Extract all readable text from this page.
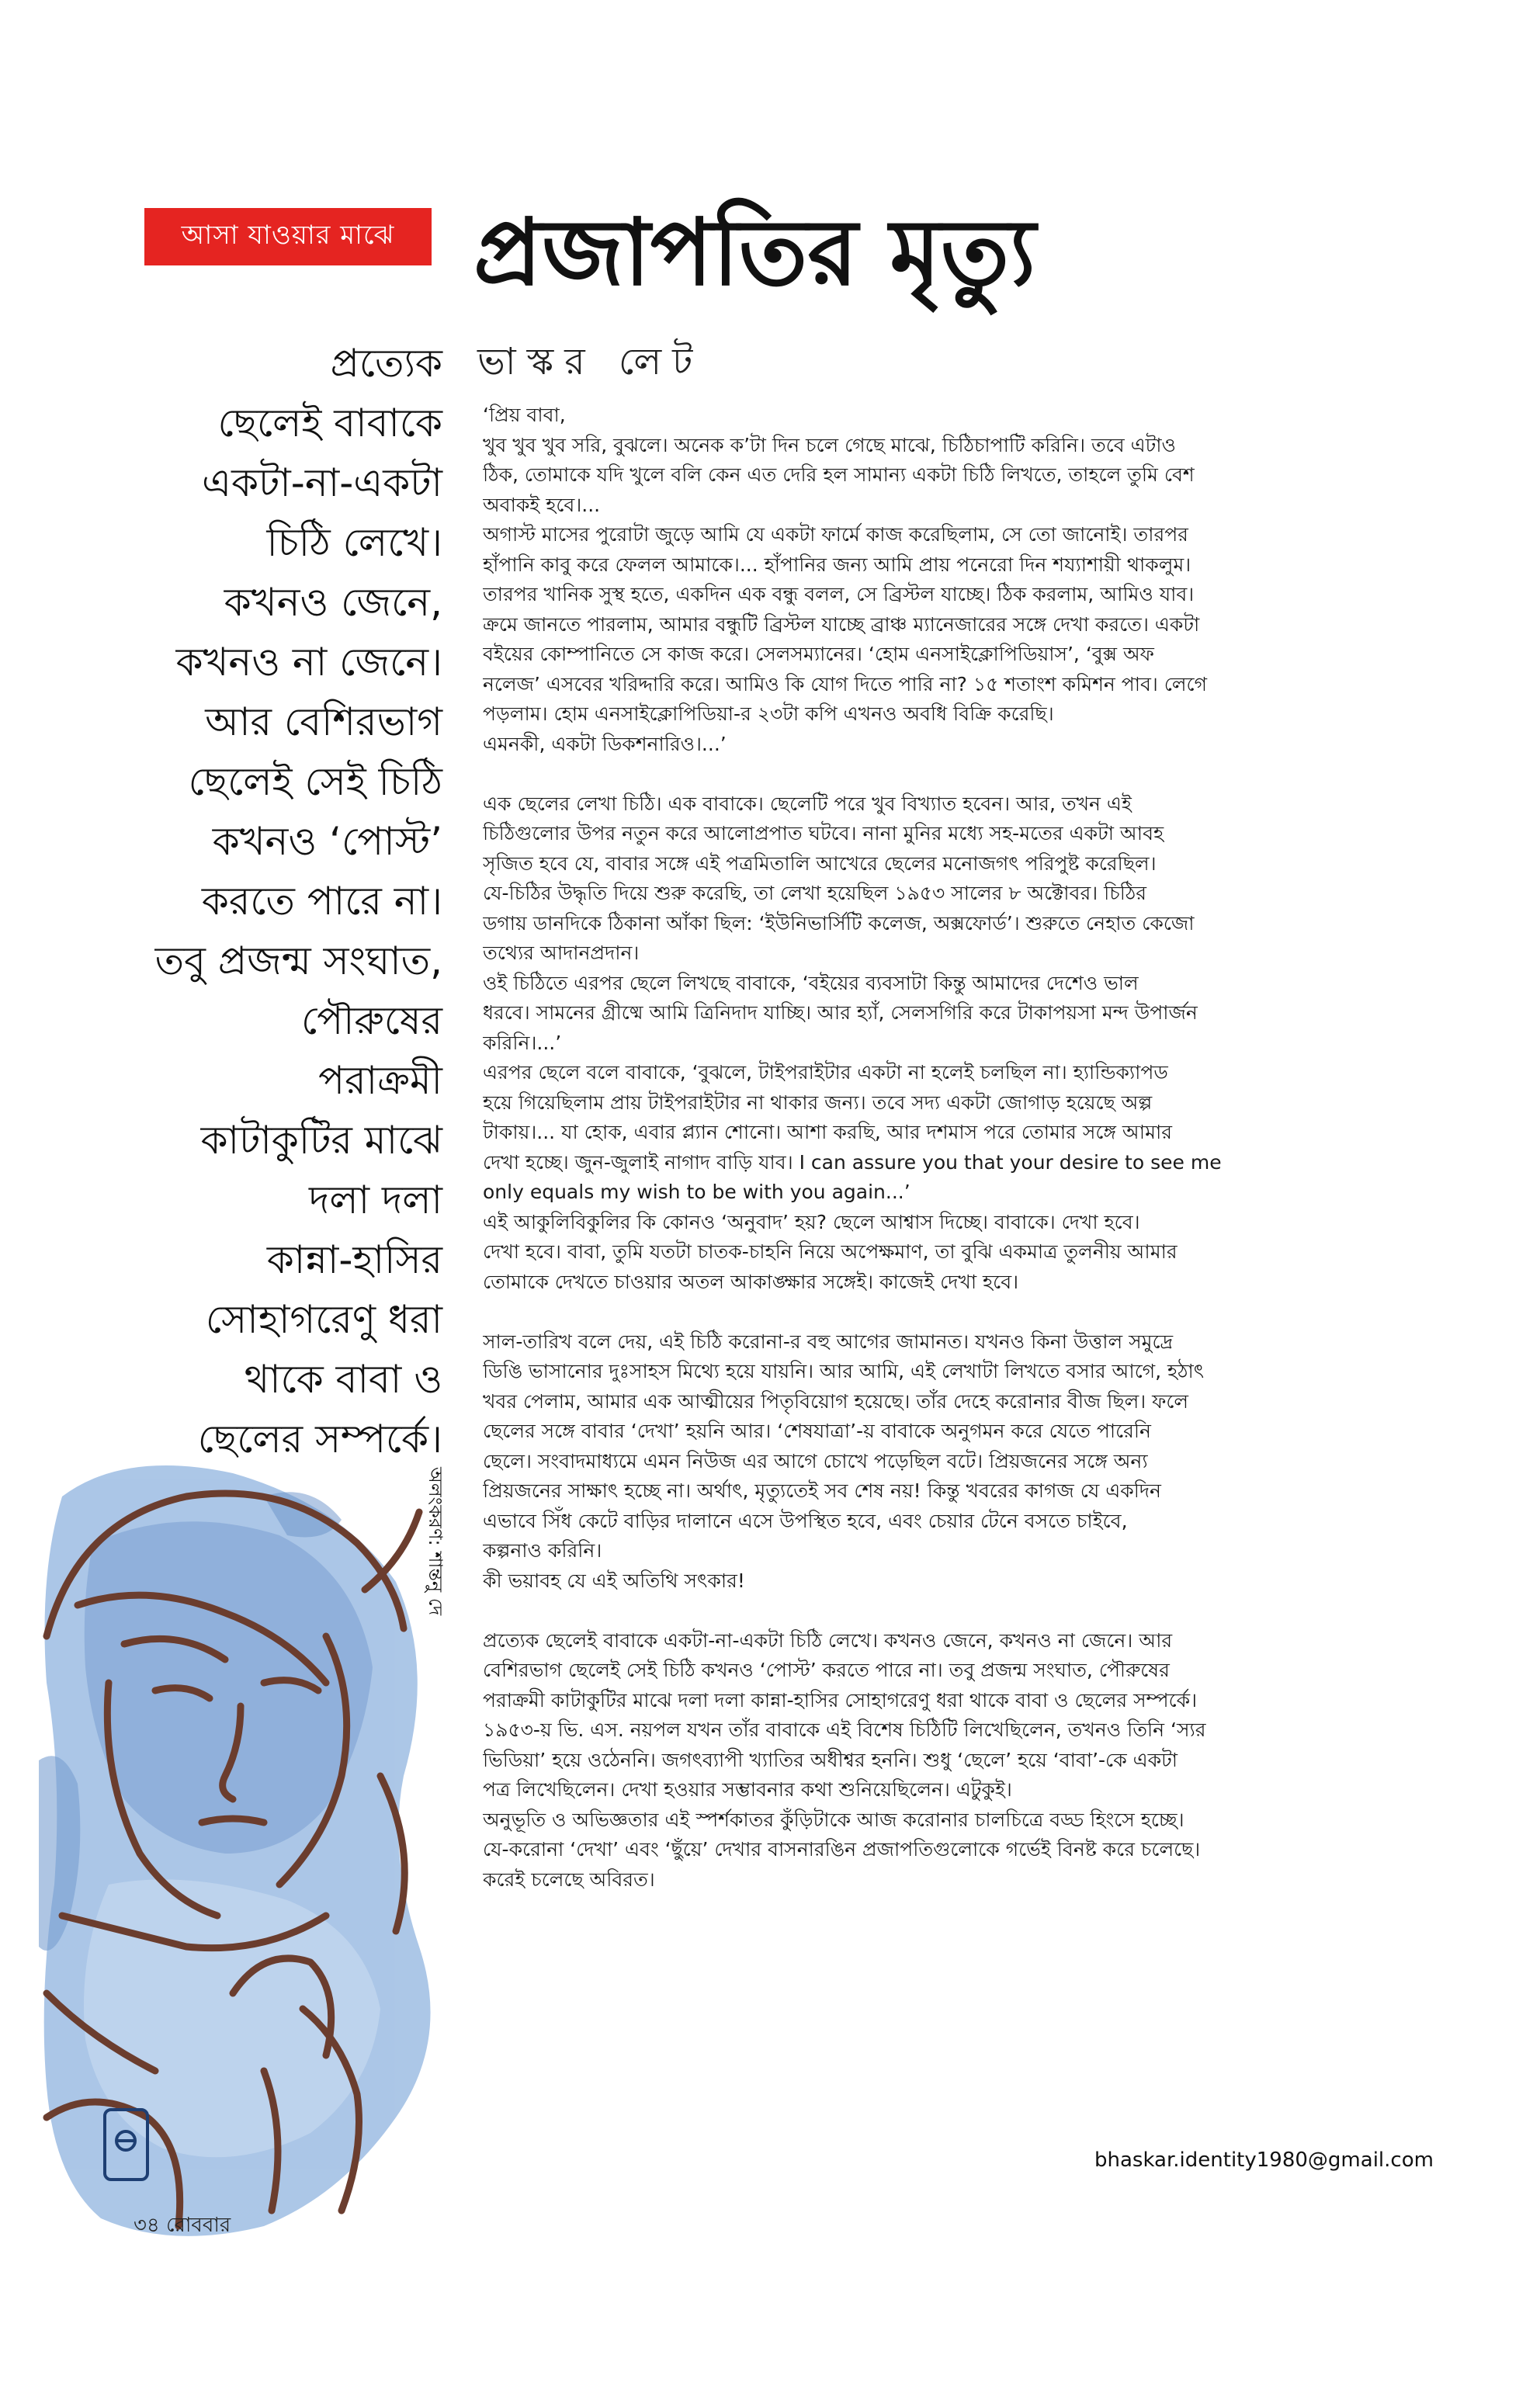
আসা যাওয়ার মাঝে প্রজাপতির মৃত্যু
ভাস্কর লেট
প্রত্যেক
ছেলেই বাবাকে
একটা-না-একটা
চিঠি লেখে।
কখনও জেনে,
কখনও না জেনে।
আর বেশিরভাগ
ছেলেই সেই চিঠি
কখনও ‘পোস্ট’
করতে পারে না।
তবু প্রজন্ম সংঘাত,
পৌরুষের
পরাক্রমী
কাটাকুটির মাঝে
দলা দলা
কান্না-হাসির
সোহাগরেণু ধরা
থাকে বাবা ও
ছেলের সম্পর্কে।
‘প্রিয় বাবা,
খুব খুব খুব সরি, বুঝলে। অনেক ক’টা দিন চলে গেছে মাঝে, চিঠিচাপাটি করিনি। তবে এটাও
ঠিক, তোমাকে যদি খুলে বলি কেন এত দেরি হল সামান্য একটা চিঠি লিখতে, তাহলে তুমি বেশ
অবাকই হবে।...
অগাস্ট মাসের পুরোটা জুড়ে আমি যে একটা ফার্মে কাজ করেছিলাম, সে তো জানোই। তারপর
হাঁপানি কাবু করে ফেলল আমাকে।... হাঁপানির জন্য আমি প্রায় পনেরো দিন শয্যাশায়ী থাকলুম।
তারপর খানিক সুস্থ হতে, একদিন এক বন্ধু বলল, সে ব্রিস্টল যাচ্ছে। ঠিক করলাম, আমিও যাব।
ক্রমে জানতে পারলাম, আমার বন্ধুটি ব্রিস্টল যাচ্ছে ব্রাঞ্চ ম্যানেজারের সঙ্গে দেখা করতে। একটা
বইয়ের কোম্পানিতে সে কাজ করে। সেলসম্যানের। ‘হোম এনসাইক্লোপিডিয়াস’, ‘বুক্স অফ
নলেজ’ এসবের খরিদ্দারি করে। আমিও কি যোগ দিতে পারি না? ১৫ শতাংশ কমিশন পাব। লেগে
পড়লাম। হোম এনসাইক্লোপিডিয়া-র ২৩টা কপি এখনও অবধি বিক্রি করেছি।
এমনকী, একটা ডিকশনারিও।...’
এক ছেলের লেখা চিঠি। এক বাবাকে। ছেলেটি পরে খুব বিখ্যাত হবেন। আর, তখন এই
চিঠিগুলোর উপর নতুন করে আলোপ্রপাত ঘটবে। নানা মুনির মধ্যে সহ-মতের একটা আবহ
সৃজিত হবে যে, বাবার সঙ্গে এই পত্রমিতালি আখেরে ছেলের মনোজগৎ পরিপুষ্ট করেছিল।
যে-চিঠির উদ্ধৃতি দিয়ে শুরু করেছি, তা লেখা হয়েছিল ১৯৫৩ সালের ৮ অক্টোবর। চিঠির
ডগায় ডানদিকে ঠিকানা আঁকা ছিল: ‘ইউনিভার্সিটি কলেজ, অক্সফোর্ড’। শুরুতে নেহাত কেজো
তথ্যের আদানপ্রদান।
ওই চিঠিতে এরপর ছেলে লিখছে বাবাকে, ‘বইয়ের ব্যবসাটা কিন্তু আমাদের দেশেও ভাল
ধরবে। সামনের গ্রীষ্মে আমি ত্রিনিদাদ যাচ্ছি। আর হ্যাঁ, সেলসগিরি করে টাকাপয়সা মন্দ উপার্জন
করিনি।...’
এরপর ছেলে বলে বাবাকে, ‘বুঝলে, টাইপরাইটার একটা না হলেই চলছিল না। হ্যান্ডিক্যাপড
হয়ে গিয়েছিলাম প্রায় টাইপরাইটার না থাকার জন্য। তবে সদ্য একটা জোগাড় হয়েছে অল্প
টাকায়।... যা হোক, এবার প্ল্যান শোনো। আশা করছি, আর দশমাস পরে তোমার সঙ্গে আমার
দেখা হচ্ছে। জুন-জুলাই নাগাদ বাড়ি যাব। I can assure you that your desire to see me
only equals my wish to be with you again...’
এই আকুলিবিকুলির কি কোনও ‘অনুবাদ’ হয়? ছেলে আশ্বাস দিচ্ছে। বাবাকে। দেখা হবে।
দেখা হবে। বাবা, তুমি যতটা চাতক-চাহনি নিয়ে অপেক্ষমাণ, তা বুঝি একমাত্র তুলনীয় আমার
তোমাকে দেখতে চাওয়ার অতল আকাঙ্ক্ষার সঙ্গেই। কাজেই দেখা হবে।
সাল-তারিখ বলে দেয়, এই চিঠি করোনা-র বহু আগের জামানত। যখনও কিনা উত্তাল সমুদ্রে
ডিঙি ভাসানোর দুঃসাহস মিথ্যে হয়ে যায়নি। আর আমি, এই লেখাটা লিখতে বসার আগে, হঠাৎ
খবর পেলাম, আমার এক আত্মীয়ের পিতৃবিয়োগ হয়েছে। তাঁর দেহে করোনার বীজ ছিল। ফলে
ছেলের সঙ্গে বাবার ‘দেখা’ হয়নি আর। ‘শেষযাত্রা’-য় বাবাকে অনুগমন করে যেতে পারেনি
ছেলে। সংবাদমাধ্যমে এমন নিউজ এর আগে চোখে পড়েছিল বটে। প্রিয়জনের সঙ্গে অন্য
প্রিয়জনের সাক্ষাৎ হচ্ছে না। অর্থাৎ, মৃত্যুতেই সব শেষ নয়! কিন্তু খবরের কাগজ যে একদিন
এভাবে সিঁধ কেটে বাড়ির দালানে এসে উপস্থিত হবে, এবং চেয়ার টেনে বসতে চাইবে,
কল্পনাও করিনি।
কী ভয়াবহ যে এই অতিথি সৎকার!
প্রত্যেক ছেলেই বাবাকে একটা-না-একটা চিঠি লেখে। কখনও জেনে, কখনও না জেনে। আর
বেশিরভাগ ছেলেই সেই চিঠি কখনও ‘পোস্ট’ করতে পারে না। তবু প্রজন্ম সংঘাত, পৌরুষের
পরাক্রমী কাটাকুটির মাঝে দলা দলা কান্না-হাসির সোহাগরেণু ধরা থাকে বাবা ও ছেলের সম্পর্কে।
১৯৫৩-য় ভি. এস. নয়পল যখন তাঁর বাবাকে এই বিশেষ চিঠিটি লিখেছিলেন, তখনও তিনি ‘স্যর
ভিডিয়া’ হয়ে ওঠেননি। জগৎব্যাপী খ্যাতির অধীশ্বর হননি। শুধু ‘ছেলে’ হয়ে ‘বাবা’-কে একটা
পত্র লিখেছিলেন। দেখা হওয়ার সম্ভাবনার কথা শুনিয়েছিলেন। এটুকুই।
অনুভূতি ও অভিজ্ঞতার এই স্পর্শকাতর কুঁড়িটাকে আজ করোনার চালচিত্রে বড্ড হিংসে হচ্ছে।
যে-করোনা ‘দেখা’ এবং ‘ছুঁয়ে’ দেখার বাসনারঙিন প্রজাপতিগুলোকে গর্ভেই বিনষ্ট করে চলেছে।
করেই চলেছে অবিরত।
bhaskar.identity1980@gmail.com
অলংকরণ: শান্তনু দে
৩৪ রোববার
